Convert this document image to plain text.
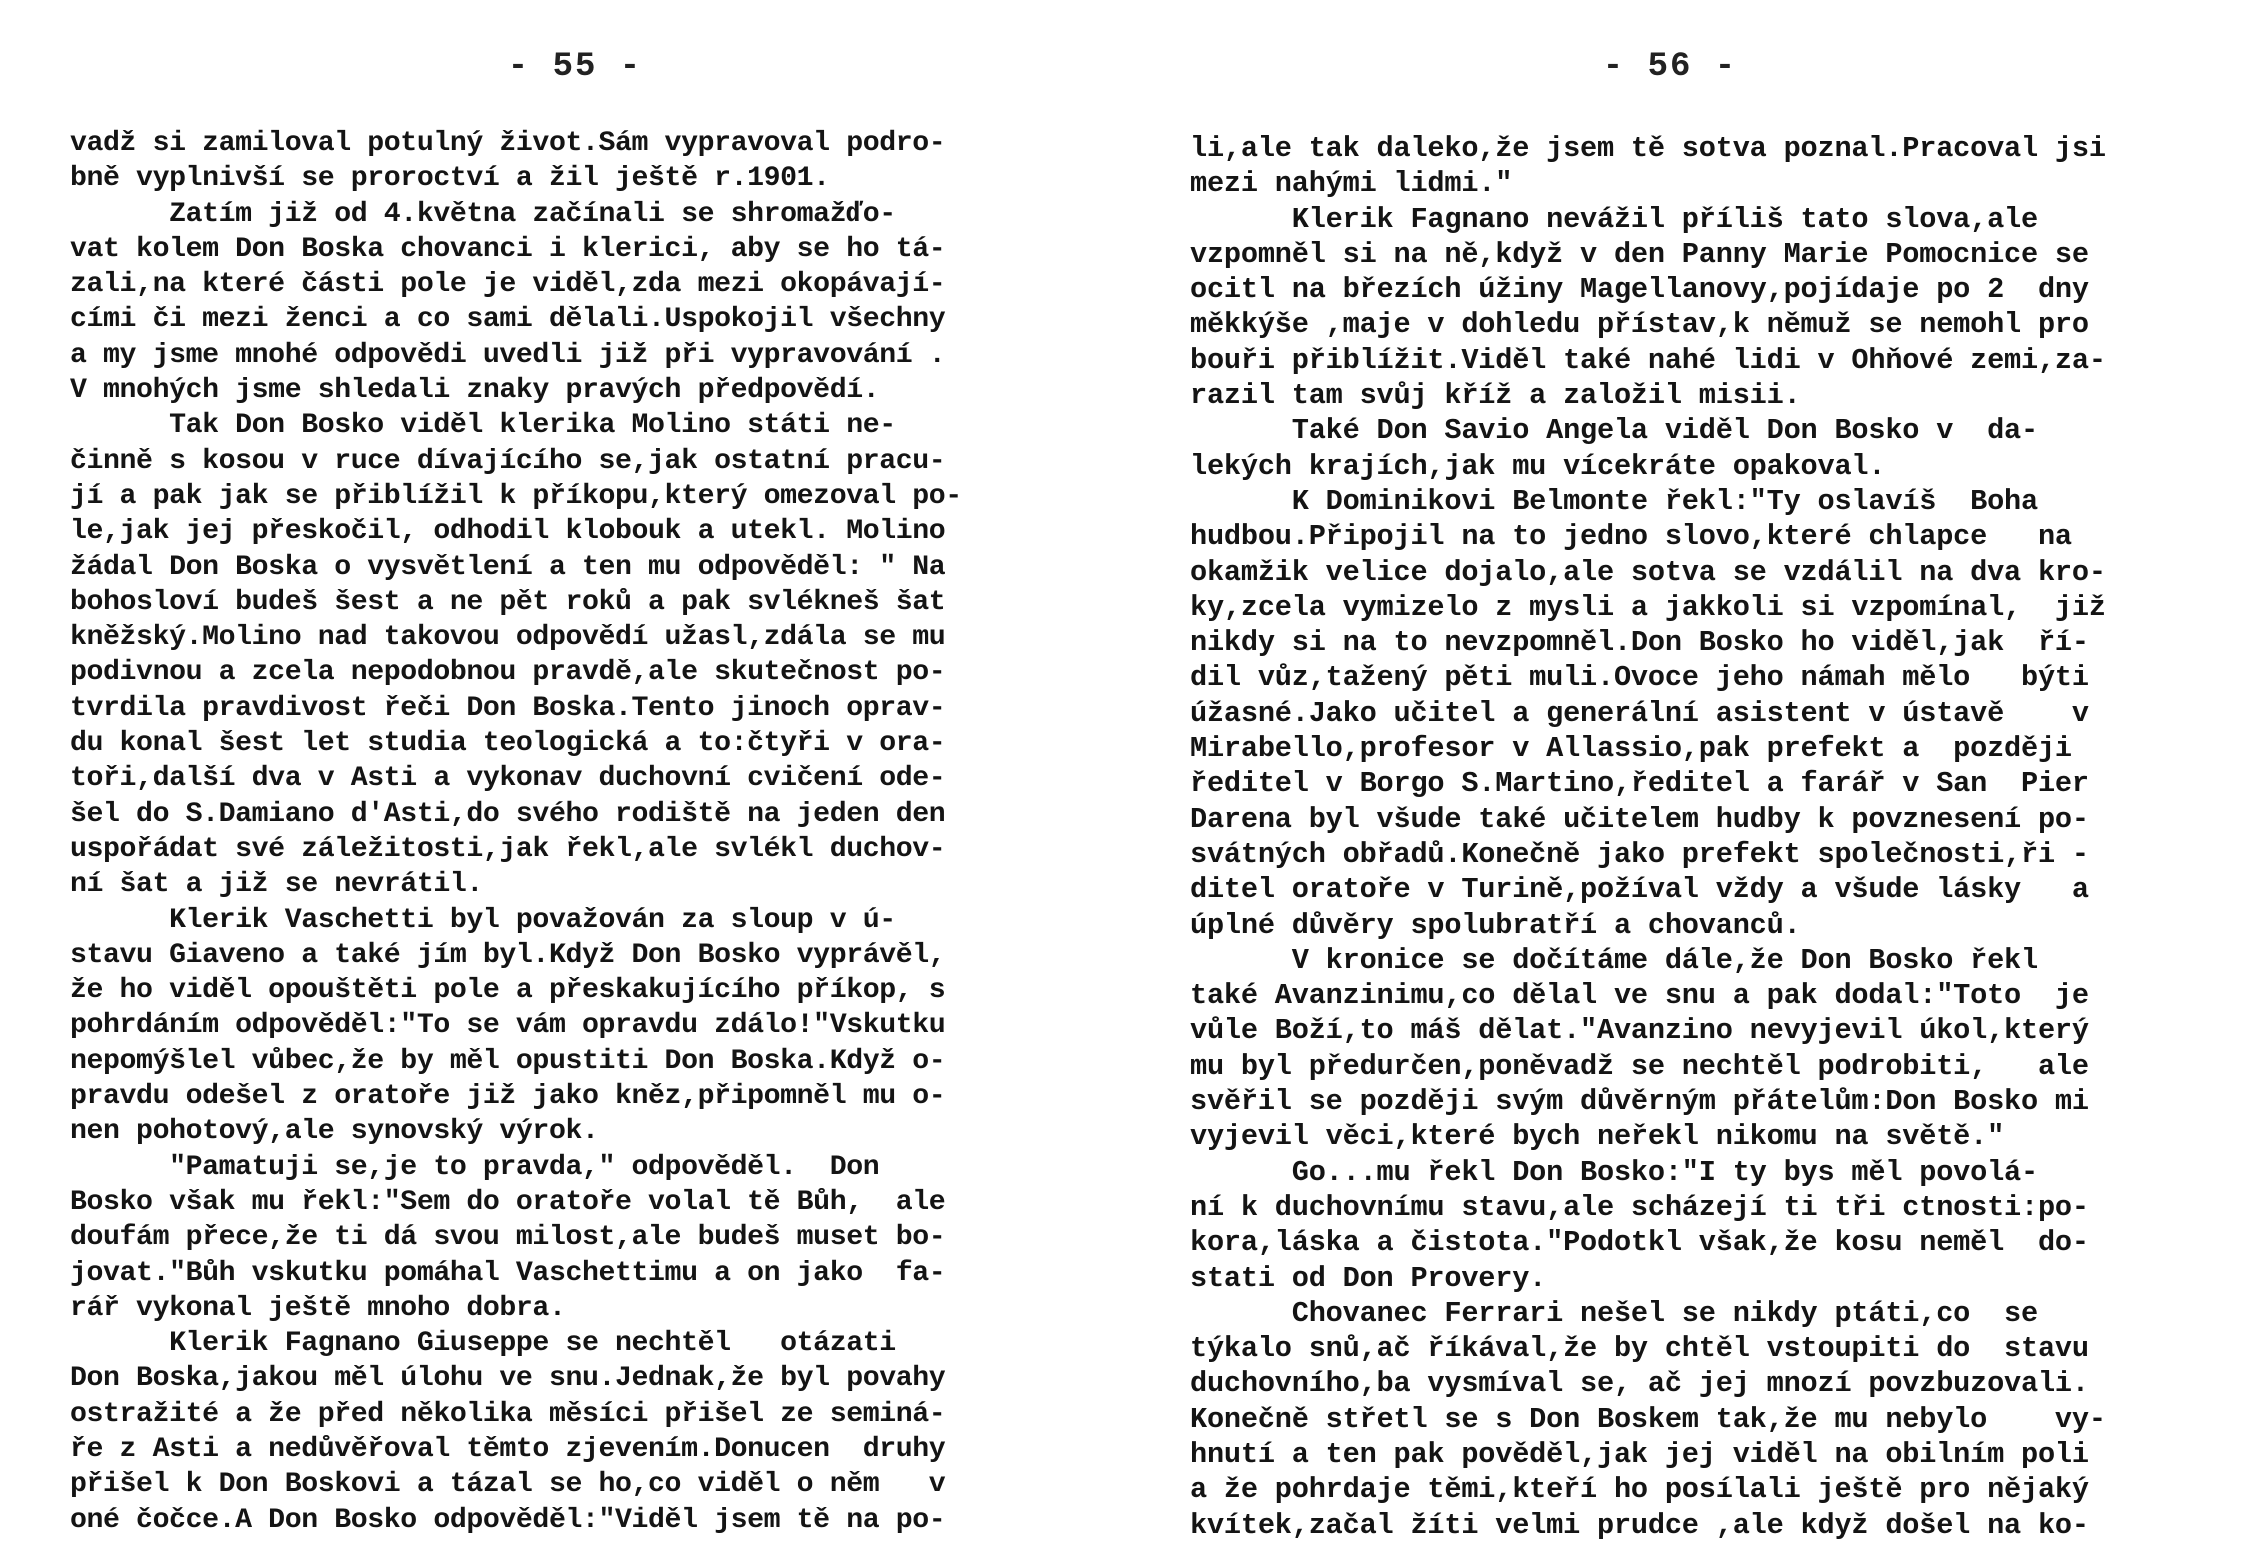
- 55 -
vadž si zamiloval potulný život.Sám vypravoval podro-
bně vyplnivší se proroctví a žil ještě r.1901.
Zatím již od 4.května začínali se shromažďo-
vat kolem Don Boska chovanci i klerici, aby se ho tá-
zali,na které části pole je viděl,zda mezi okopávají-
cími či mezi ženci a co sami dělali.Uspokojil všechny
a my jsme mnohé odpovědi uvedli již při vypravování .
V mnohých jsme shledali znaky pravých předpovědí.
Tak Don Bosko viděl klerika Molino státi ne-
činně s kosou v ruce dívajícího se,jak ostatní pracu-
jí a pak jak se přiblížil k příkopu,který omezoval po-
le,jak jej přeskočil, odhodil klobouk a utekl. Molino
žádal Don Boska o vysvětlení a ten mu odpověděl: " Na
bohosloví budeš šest a ne pět roků a pak svlékneš šat
kněžský.Molino nad takovou odpovědí užasl,zdála se mu
podivnou a zcela nepodobnou pravdě,ale skutečnost po-
tvrdila pravdivost řeči Don Boska.Tento jinoch oprav-
du konal šest let studia teologická a to:čtyři v ora-
toři,další dva v Asti a vykonav duchovní cvičení ode-
šel do S.Damiano d'Asti,do svého rodiště na jeden den
uspořádat své záležitosti,jak řekl,ale svlékl duchov-
ní šat a již se nevrátil.
Klerik Vaschetti byl považován za sloup v ú-
stavu Giaveno a také jím byl.Když Don Bosko vyprávěl,
že ho viděl opouštěti pole a přeskakujícího příkop, s
pohrdáním odpověděl:"To se vám opravdu zdálo!"Vskutku
nepomýšlel vůbec,že by měl opustiti Don Boska.Když o-
pravdu odešel z oratoře již jako kněz,připomněl mu o-
nen pohotový,ale synovský výrok.
"Pamatuji se,je to pravda," odpověděl.  Don
Bosko však mu řekl:"Sem do oratoře volal tě Bůh,  ale
doufám přece,že ti dá svou milost,ale budeš muset bo-
jovat."Bůh vskutku pomáhal Vaschettimu a on jako  fa-
rář vykonal ještě mnoho dobra.
Klerik Fagnano Giuseppe se nechtěl   otázati
Don Boska,jakou měl úlohu ve snu.Jednak,že byl povahy
ostražité a že před několika měsíci přišel ze seminá-
ře z Asti a nedůvěřoval těmto zjevením.Donucen  druhy
přišel k Don Boskovi a tázal se ho,co viděl o něm   v
oné čočce.A Don Bosko odpověděl:"Viděl jsem tě na po-
- 56 -
li,ale tak daleko,že jsem tě sotva poznal.Pracoval jsi
mezi nahými lidmi."
Klerik Fagnano nevážil příliš tato slova,ale
vzpomněl si na ně,když v den Panny Marie Pomocnice se
ocitl na březích úžiny Magellanovy,pojídaje po 2  dny
měkkýše ,maje v dohledu přístav,k němuž se nemohl pro
bouři přiblížit.Viděl také nahé lidi v Ohňové zemi,za-
razil tam svůj kříž a založil misii.
Také Don Savio Angela viděl Don Bosko v  da-
lekých krajích,jak mu vícekráte opakoval.
K Dominikovi Belmonte řekl:"Ty oslavíš  Boha
hudbou.Připojil na to jedno slovo,které chlapce   na
okamžik velice dojalo,ale sotva se vzdálil na dva kro-
ky,zcela vymizelo z mysli a jakkoli si vzpomínal,  již
nikdy si na to nevzpomněl.Don Bosko ho viděl,jak  ří-
dil vůz,tažený pěti muli.Ovoce jeho námah mělo   býti
úžasné.Jako učitel a generální asistent v ústavě    v
Mirabello,profesor v Allassio,pak prefekt a  později
ředitel v Borgo S.Martino,ředitel a farář v San  Pier
Darena byl všude také učitelem hudby k povznesení po-
svátných obřadů.Konečně jako prefekt společnosti,ři -
ditel oratoře v Turině,požíval vždy a všude lásky   a
úplné důvěry spolubratří a chovanců.
V kronice se dočítáme dále,že Don Bosko řekl
také Avanzinimu,co dělal ve snu a pak dodal:"Toto  je
vůle Boží,to máš dělat."Avanzino nevyjevil úkol,který
mu byl předurčen,poněvadž se nechtěl podrobiti,   ale
svěřil se později svým důvěrným přátelům:Don Bosko mi
vyjevil věci,které bych neřekl nikomu na světě."
Go...mu řekl Don Bosko:"I ty bys měl povolá-
ní k duchovnímu stavu,ale scházejí ti tři ctnosti:po-
kora,láska a čistota."Podotkl však,že kosu neměl  do-
stati od Don Provery.
Chovanec Ferrari nešel se nikdy ptáti,co  se
týkalo snů,ač říkával,že by chtěl vstoupiti do  stavu
duchovního,ba vysmíval se, ač jej mnozí povzbuzovali.
Konečně střetl se s Don Boskem tak,že mu nebylo    vy-
hnutí a ten pak pověděl,jak jej viděl na obilním poli
a že pohrdaje těmi,kteří ho posílali ještě pro nějaký
kvítek,začal žíti velmi prudce ,ale když došel na ko-
